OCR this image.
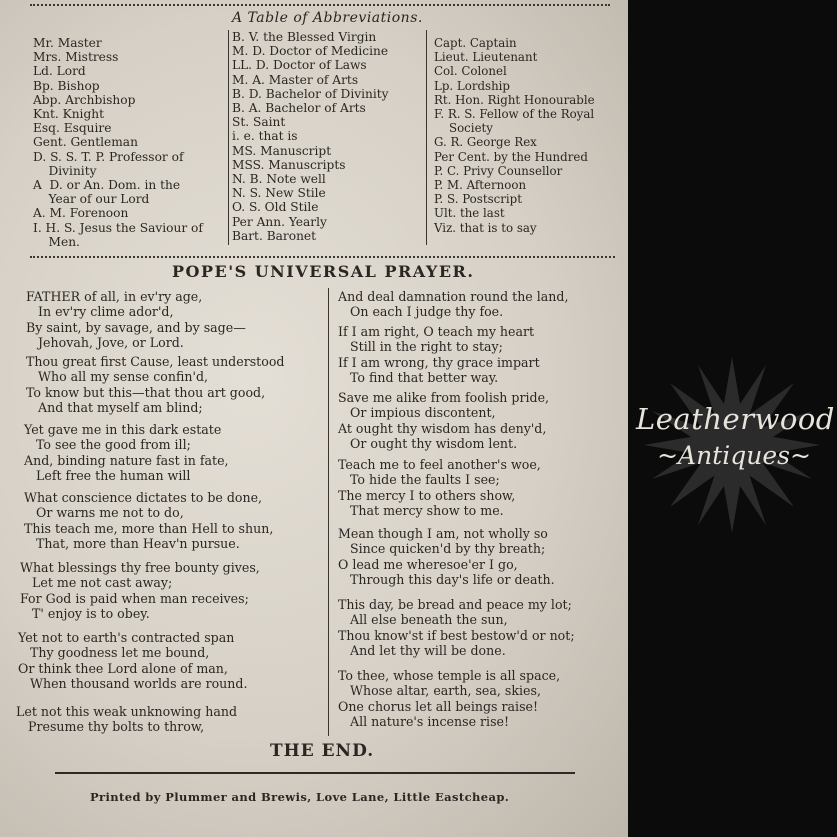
A Table of Abbreviations.
Mr. Master
Mrs. Mistress
Ld. Lord
Bp. Bishop
Abp. Archbishop
Knt. Knight
Esq. Esquire
Gent. Gentleman
D. S. S. T. P. Professor of
Divinity
A  D. or An. Dom. in the
Year of our Lord
A. M. Forenoon
I. H. S. Jesus the Saviour of
Men.
B. V. the Blessed Virgin
M. D. Doctor of Medicine
LL. D. Doctor of Laws
M. A. Master of Arts
B. D. Bachelor of Divinity
B. A. Bachelor of Arts
St. Saint
i. e. that is
MS. Manuscript
MSS. Manuscripts
N. B. Note well
N. S. New Stile
O. S. Old Stile
Per Ann. Yearly
Bart. Baronet
Capt. Captain
Lieut. Lieutenant
Col. Colonel
Lp. Lordship
Rt. Hon. Right Honourable
F. R. S. Fellow of the Royal
Society
G. R. George Rex
Per Cent. by the Hundred
P. C. Privy Counsellor
P. M. Afternoon
P. S. Postscript
Ult. the last
Viz. that is to say
POPE'S UNIVERSAL PRAYER.
FATHER of all, in ev'ry age,
In ev'ry clime ador'd,
By saint, by savage, and by sage—
Jehovah, Jove, or Lord.
Thou great first Cause, least understood
Who all my sense confin'd,
To know but this—that thou art good,
And that myself am blind;
Yet gave me in this dark estate
To see the good from ill;
And, binding nature fast in fate,
Left free the human will
What conscience dictates to be done,
Or warns me not to do,
This teach me, more than Hell to shun,
That, more than Heav'n pursue.
What blessings thy free bounty gives,
Let me not cast away;
For God is paid when man receives;
T' enjoy is to obey.
Yet not to earth's contracted span
Thy goodness let me bound,
Or think thee Lord alone of man,
When thousand worlds are round.
Let not this weak unknowing hand
Presume thy bolts to throw,
And deal damnation round the land,
On each I judge thy foe.
If I am right, O teach my heart
Still in the right to stay;
If I am wrong, thy grace impart
To find that better way.
Save me alike from foolish pride,
Or impious discontent,
At ought thy wisdom has deny'd,
Or ought thy wisdom lent.
Teach me to feel another's woe,
To hide the faults I see;
The mercy I to others show,
That mercy show to me.
Mean though I am, not wholly so
Since quicken'd by thy breath;
O lead me wheresoe'er I go,
Through this day's life or death.
This day, be bread and peace my lot;
All else beneath the sun,
Thou know'st if best bestow'd or not;
And let thy will be done.
To thee, whose temple is all space,
Whose altar, earth, sea, skies,
One chorus let all beings raise!
All nature's incense rise!
THE END.
Printed by Plummer and Brewis, Love Lane, Little Eastcheap.
Leatherwood
~Antiques~
